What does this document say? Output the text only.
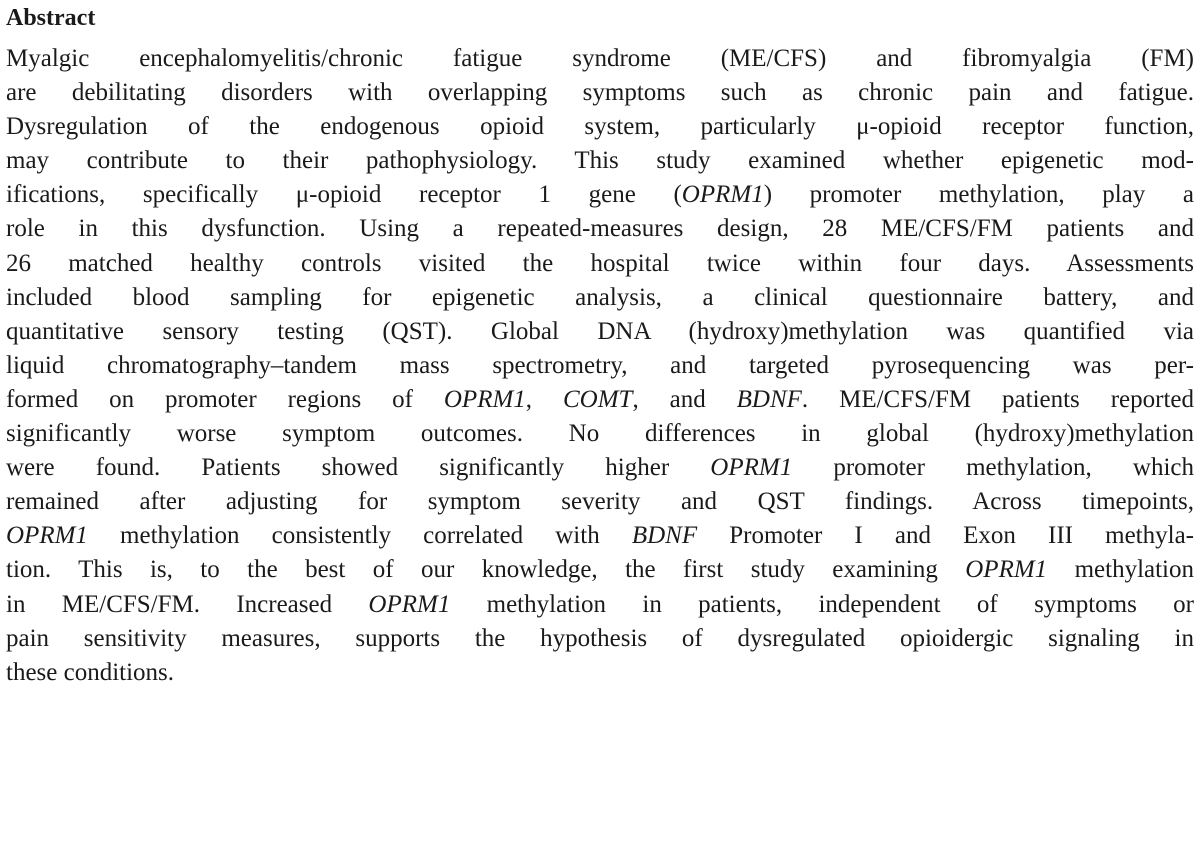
Abstract
Myalgic encephalomyelitis/chronic fatigue syndrome (ME/CFS) and fibromyalgia (FM)
are debilitating disorders with overlapping symptoms such as chronic pain and fatigue.
Dysregulation of the endogenous opioid system, particularly μ-opioid receptor function,
may contribute to their pathophysiology. This study examined whether epigenetic mod-
ifications, specifically μ-opioid receptor 1 gene (OPRM1) promoter methylation, play a
role in this dysfunction. Using a repeated-measures design, 28 ME/CFS/FM patients and
26 matched healthy controls visited the hospital twice within four days. Assessments
included blood sampling for epigenetic analysis, a clinical questionnaire battery, and
quantitative sensory testing (QST). Global DNA (hydroxy)methylation was quantified via
liquid chromatography–tandem mass spectrometry, and targeted pyrosequencing was per-
formed on promoter regions of OPRM1, COMT, and BDNF. ME/CFS/FM patients reported
significantly worse symptom outcomes. No differences in global (hydroxy)methylation
were found. Patients showed significantly higher OPRM1 promoter methylation, which
remained after adjusting for symptom severity and QST findings. Across timepoints,
OPRM1 methylation consistently correlated with BDNF Promoter I and Exon III methyla-
tion. This is, to the best of our knowledge, the first study examining OPRM1 methylation
in ME/CFS/FM. Increased OPRM1 methylation in patients, independent of symptoms or
pain sensitivity measures, supports the hypothesis of dysregulated opioidergic signaling in
these conditions.
